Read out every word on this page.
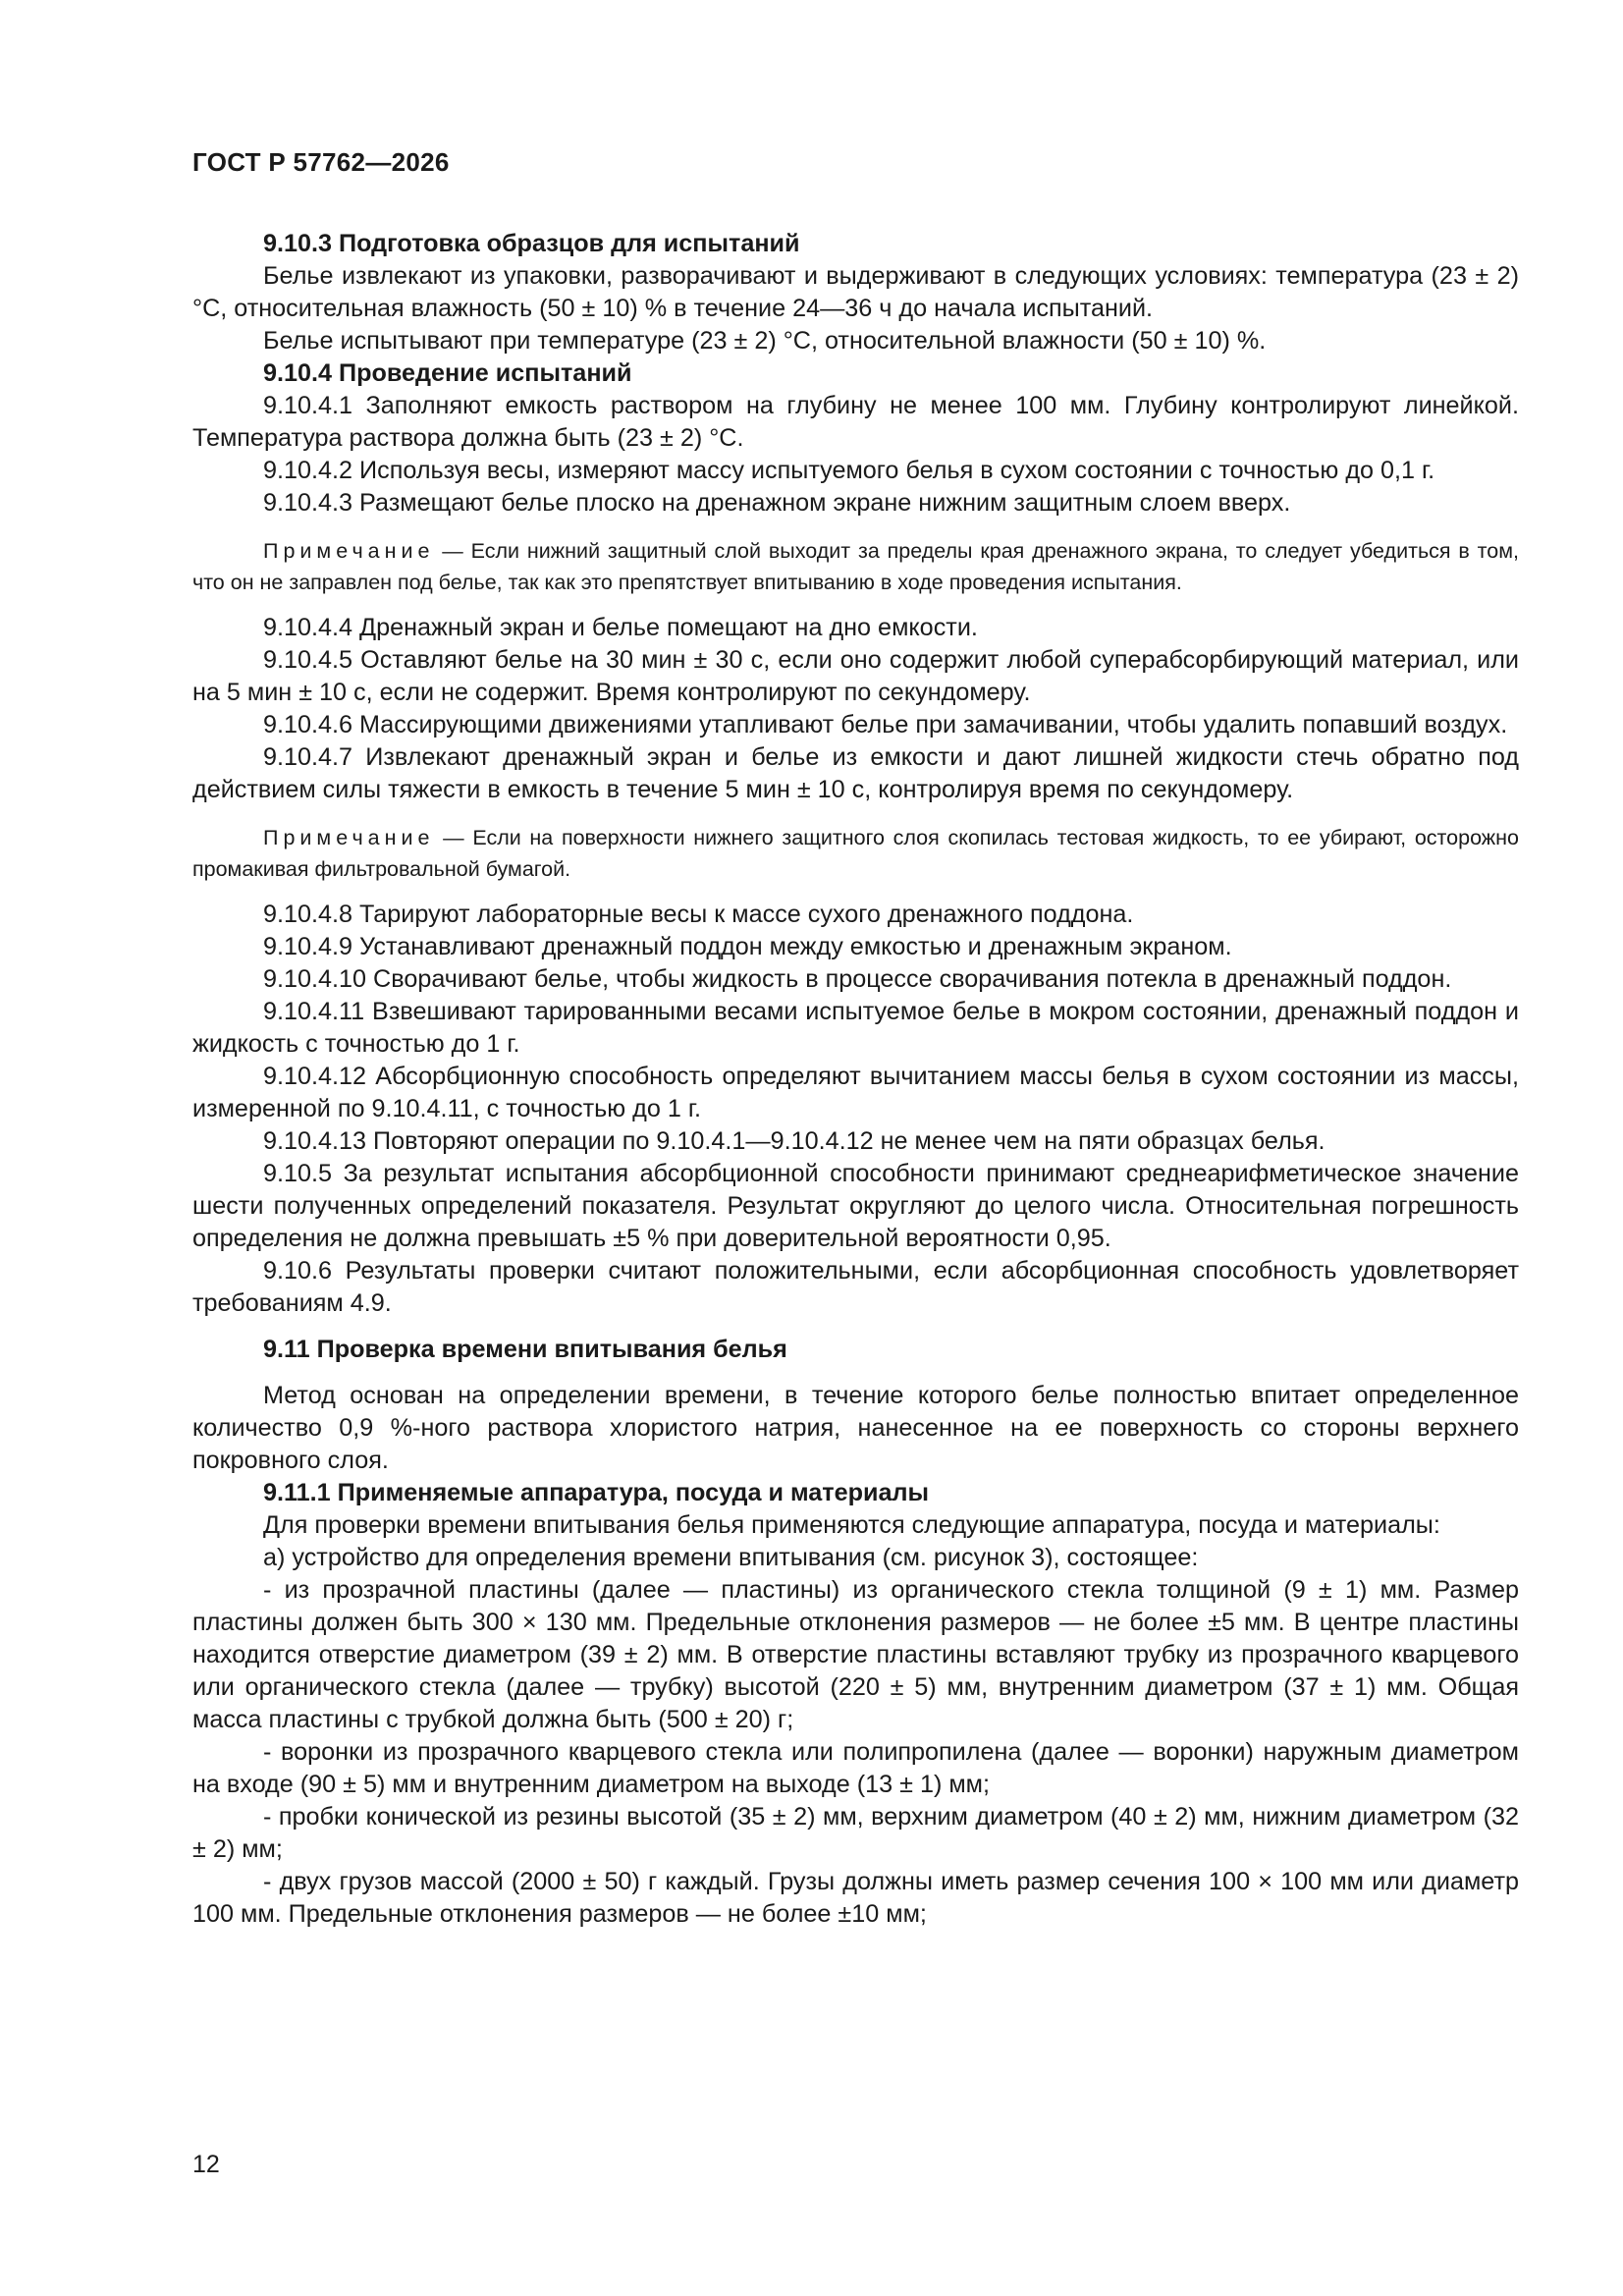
ГОСТ Р 57762—2026

9.10.3 Подготовка образцов для испытаний

Белье извлекают из упаковки, разворачивают и выдерживают в следующих условиях: температура (23 ± 2) °С, относительная влажность (50 ± 10) % в течение 24—36 ч до начала испытаний.

Белье испытывают при температуре (23 ± 2) °С, относительной влажности (50 ± 10) %.

9.10.4 Проведение испытаний

9.10.4.1 Заполняют емкость раствором на глубину не менее 100 мм. Глубину контролируют линейкой. Температура раствора должна быть (23 ± 2) °С.

9.10.4.2 Используя весы, измеряют массу испытуемого белья в сухом состоянии с точностью до 0,1 г.

9.10.4.3 Размещают белье плоско на дренажном экране нижним защитным слоем вверх.

Примечание — Если нижний защитный слой выходит за пределы края дренажного экрана, то следует убедиться в том, что он не заправлен под белье, так как это препятствует впитыванию в ходе проведения испытания.

9.10.4.4 Дренажный экран и белье помещают на дно емкости.

9.10.4.5 Оставляют белье на 30 мин ± 30 с, если оно содержит любой суперабсорбирующий материал, или на 5 мин ± 10 с, если не содержит. Время контролируют по секундомеру.

9.10.4.6 Массирующими движениями утапливают белье при замачивании, чтобы удалить попавший воздух.

9.10.4.7 Извлекают дренажный экран и белье из емкости и дают лишней жидкости стечь обратно под действием силы тяжести в емкость в течение 5 мин ± 10 с, контролируя время по секундомеру.

Примечание — Если на поверхности нижнего защитного слоя скопилась тестовая жидкость, то ее убирают, осторожно промакивая фильтровальной бумагой.

9.10.4.8 Тарируют лабораторные весы к массе сухого дренажного поддона.

9.10.4.9 Устанавливают дренажный поддон между емкостью и дренажным экраном.

9.10.4.10 Сворачивают белье, чтобы жидкость в процессе сворачивания потекла в дренажный поддон.

9.10.4.11 Взвешивают тарированными весами испытуемое белье в мокром состоянии, дренажный поддон и жидкость с точностью до 1 г.

9.10.4.12 Абсорбционную способность определяют вычитанием массы белья в сухом состоянии из массы, измеренной по 9.10.4.11, с точностью до 1 г.

9.10.4.13 Повторяют операции по 9.10.4.1—9.10.4.12 не менее чем на пяти образцах белья.

9.10.5 За результат испытания абсорбционной способности принимают среднеарифметическое значение шести полученных определений показателя. Результат округляют до целого числа. Относительная погрешность определения не должна превышать ±5 % при доверительной вероятности 0,95.

9.10.6 Результаты проверки считают положительными, если абсорбционная способность удовлетворяет требованиям 4.9.

9.11 Проверка времени впитывания белья

Метод основан на определении времени, в течение которого белье полностью впитает определенное количество 0,9 %-ного раствора хлористого натрия, нанесенное на ее поверхность со стороны верхнего покровного слоя.

9.11.1 Применяемые аппаратура, посуда и материалы

Для проверки времени впитывания белья применяются следующие аппаратура, посуда и материалы:

а) устройство для определения времени впитывания (см. рисунок 3), состоящее:

- из прозрачной пластины (далее — пластины) из органического стекла толщиной (9 ± 1) мм. Размер пластины должен быть 300 × 130 мм. Предельные отклонения размеров — не более ±5 мм. В центре пластины находится отверстие диаметром (39 ± 2) мм. В отверстие пластины вставляют трубку из прозрачного кварцевого или органического стекла (далее — трубку) высотой (220 ± 5) мм, внутренним диаметром (37 ± 1) мм. Общая масса пластины с трубкой должна быть (500 ± 20) г;

- воронки из прозрачного кварцевого стекла или полипропилена (далее — воронки) наружным диаметром на входе (90 ± 5) мм и внутренним диаметром на выходе (13 ± 1) мм;

- пробки конической из резины высотой (35 ± 2) мм, верхним диаметром (40 ± 2) мм, нижним диаметром (32 ± 2) мм;

- двух грузов массой (2000 ± 50) г каждый. Грузы должны иметь размер сечения 100 × 100 мм или диаметр 100 мм. Предельные отклонения размеров — не более ±10 мм;

12
